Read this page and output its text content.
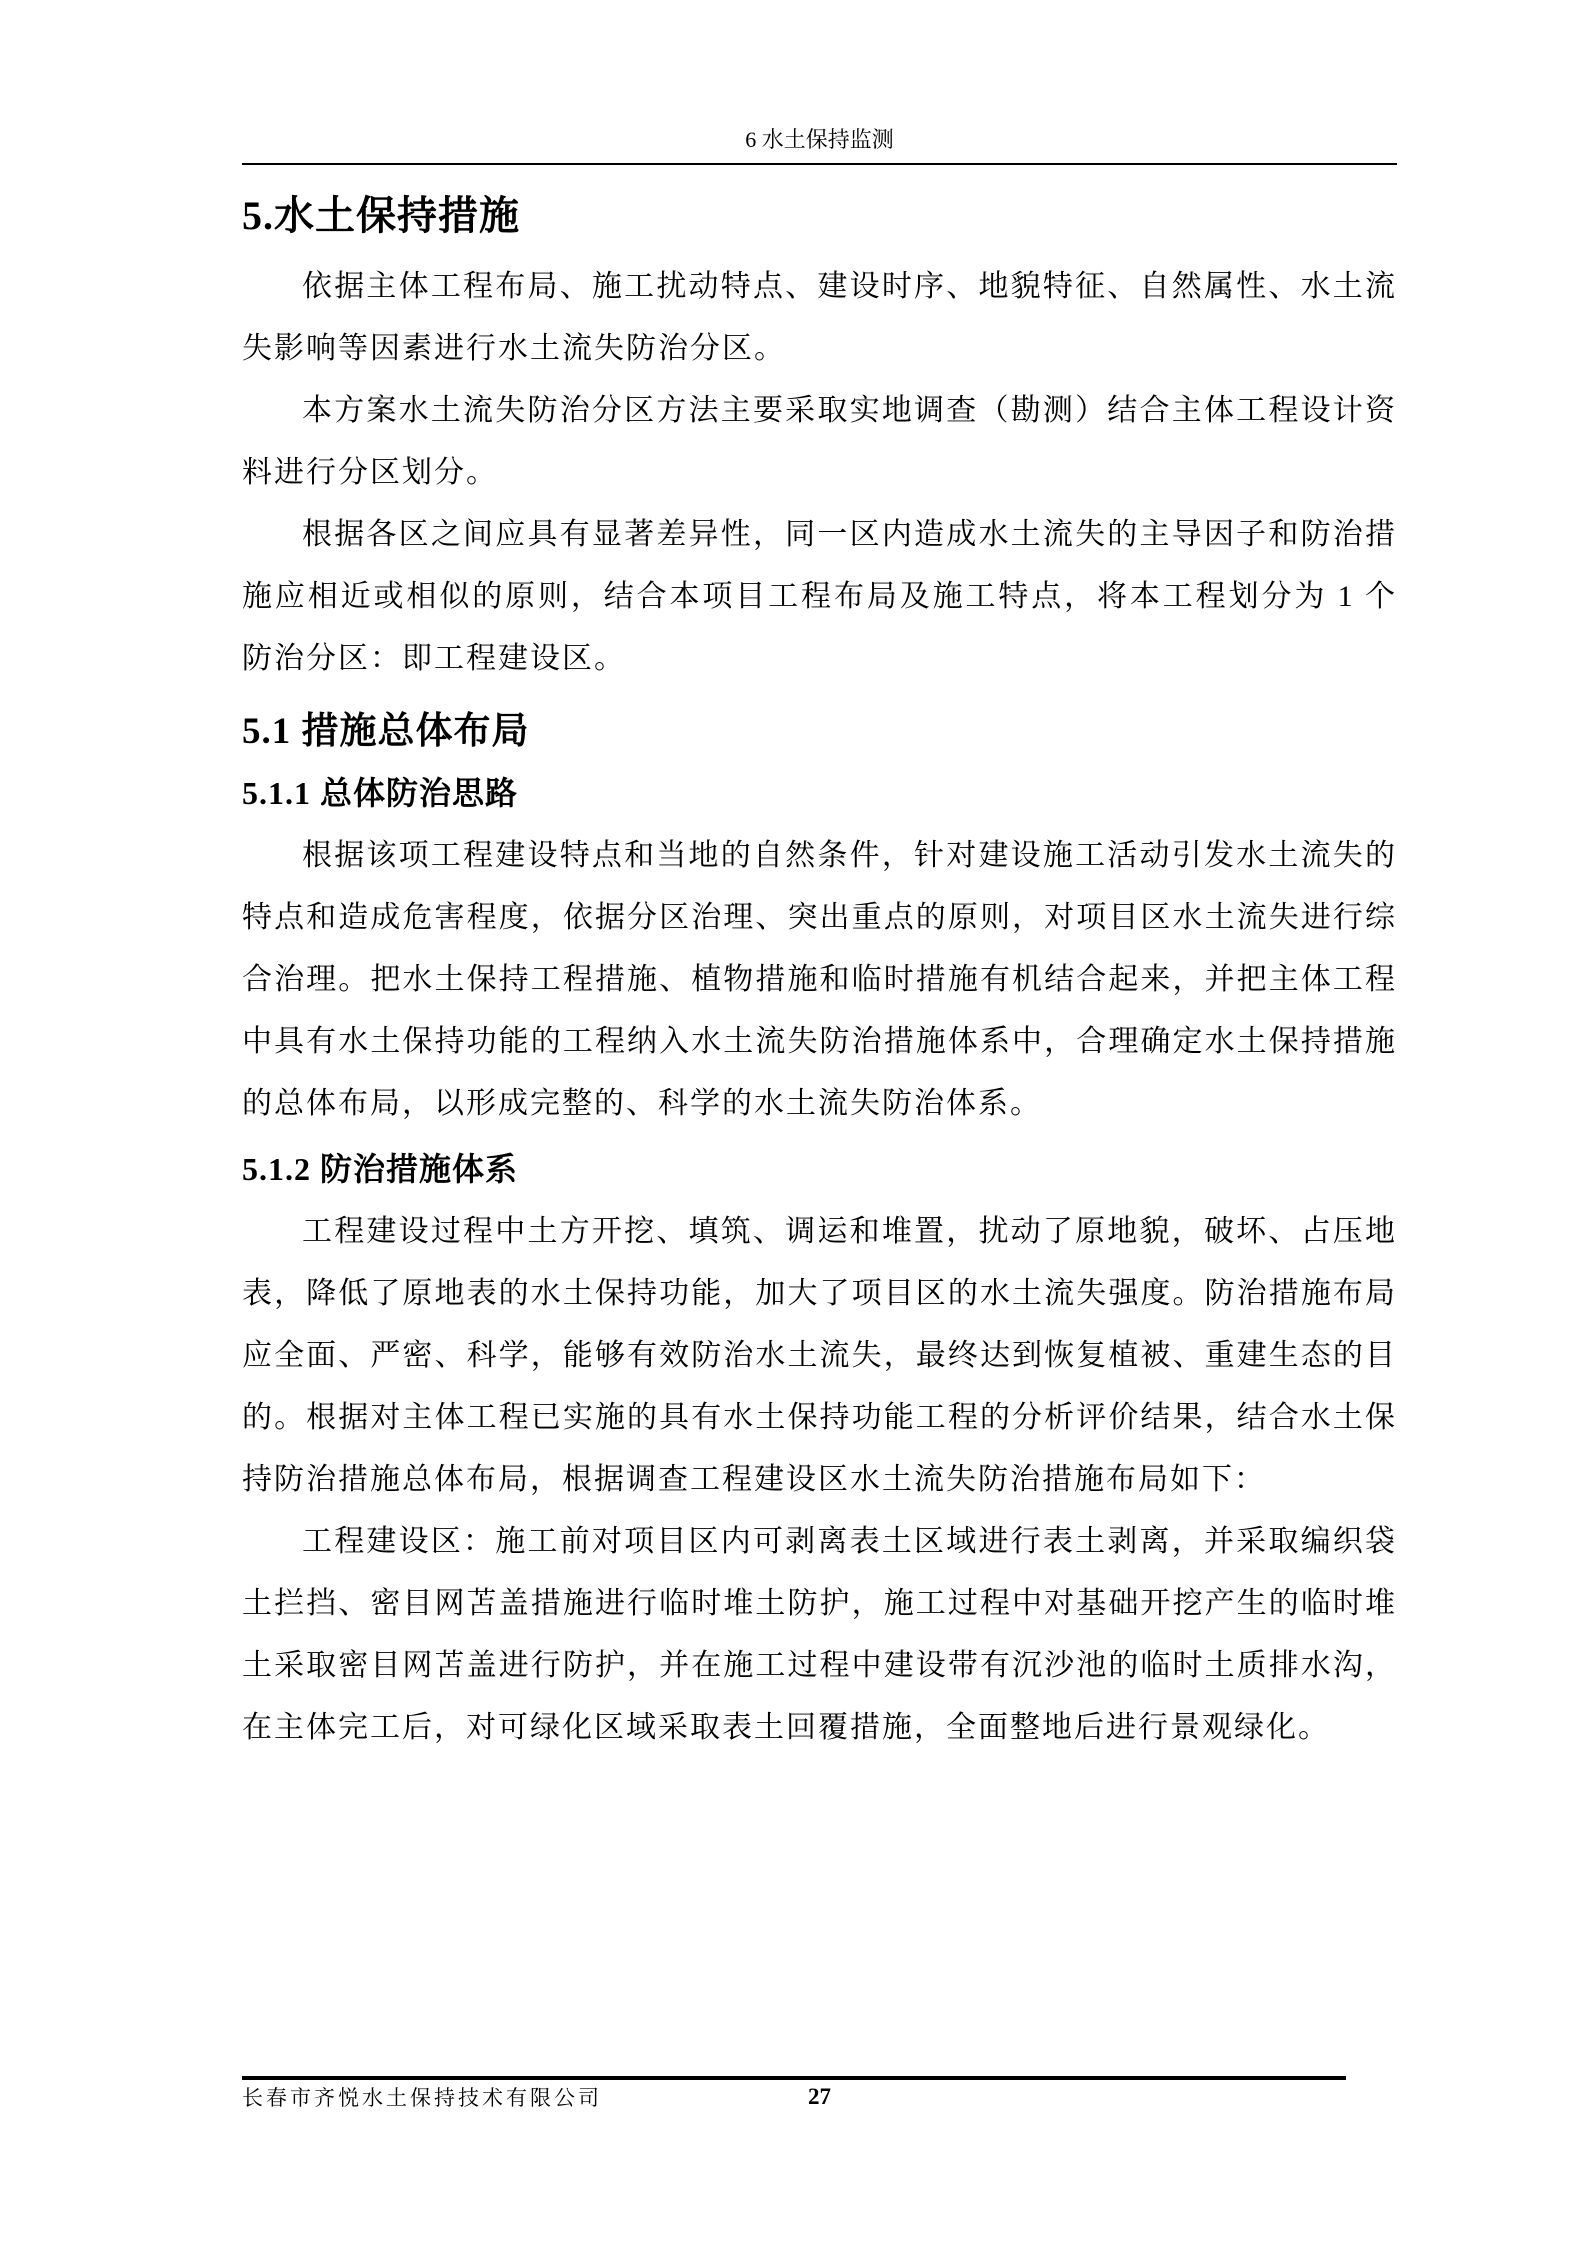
6 水土保持监测
5.水土保持措施

依据主体工程布局、施工扰动特点、建设时序、地貌特征、自然属性、水土流失影响等因素进行水土流失防治分区。

本方案水土流失防治分区方法主要采取实地调查（勘测）结合主体工程设计资料进行分区划分。

根据各区之间应具有显著差异性，同一区内造成水土流失的主导因子和防治措施应相近或相似的原则，结合本项目工程布局及施工特点，将本工程划分为 1 个防治分区：即工程建设区。

5.1 措施总体布局
5.1.1 总体防治思路

根据该项工程建设特点和当地的自然条件，针对建设施工活动引发水土流失的特点和造成危害程度，依据分区治理、突出重点的原则，对项目区水土流失进行综合治理。把水土保持工程措施、植物措施和临时措施有机结合起来，并把主体工程中具有水土保持功能的工程纳入水土流失防治措施体系中，合理确定水土保持措施的总体布局，以形成完整的、科学的水土流失防治体系。

5.1.2 防治措施体系

工程建设过程中土方开挖、填筑、调运和堆置，扰动了原地貌，破坏、占压地表，降低了原地表的水土保持功能，加大了项目区的水土流失强度。防治措施布局应全面、严密、科学，能够有效防治水土流失，最终达到恢复植被、重建生态的目的。根据对主体工程已实施的具有水土保持功能工程的分析评价结果，结合水土保持防治措施总体布局，根据调查工程建设区水土流失防治措施布局如下：

工程建设区：施工前对项目区内可剥离表土区域进行表土剥离，并采取编织袋土拦挡、密目网苫盖措施进行临时堆土防护，施工过程中对基础开挖产生的临时堆土采取密目网苫盖进行防护，并在施工过程中建设带有沉沙池的临时土质排水沟，在主体完工后，对可绿化区域采取表土回覆措施，全面整地后进行景观绿化。

长春市齐悦水土保持技术有限公司	27
